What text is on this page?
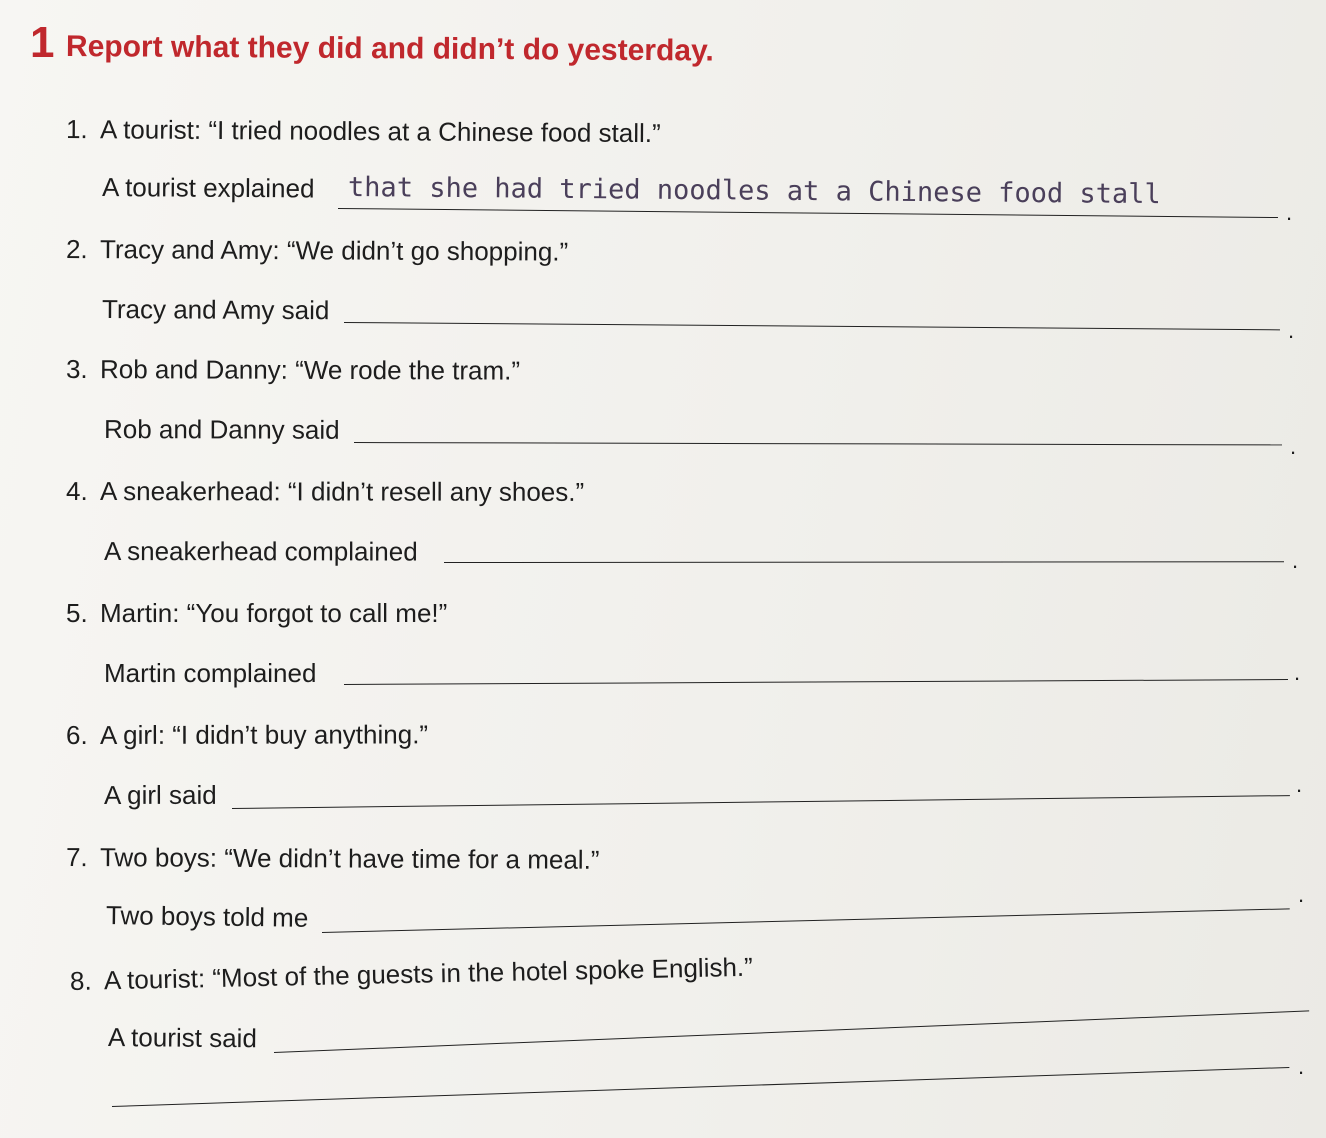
1 Report what they did and didn’t do yesterday.
1. A tourist: “I tried noodles at a Chinese food stall.”
A tourist explained that she had tried noodles at a Chinese food stall
.
2. Tracy and Amy: “We didn’t go shopping.”
Tracy and Amy said
.
3. Rob and Danny: “We rode the tram.”
Rob and Danny said
.
4. A sneakerhead: “I didn’t resell any shoes.”
A sneakerhead complained	.
5. Martin: “You forgot to call me!”
Martin complained	.
6. A girl: “I didn’t buy anything.”
A girl said	.
7. Two boys: “We didn’t have time for a meal.”
Two boys told me
.
8. A tourist: “Most of the guests in the hotel spoke English.”
A tourist said
.
